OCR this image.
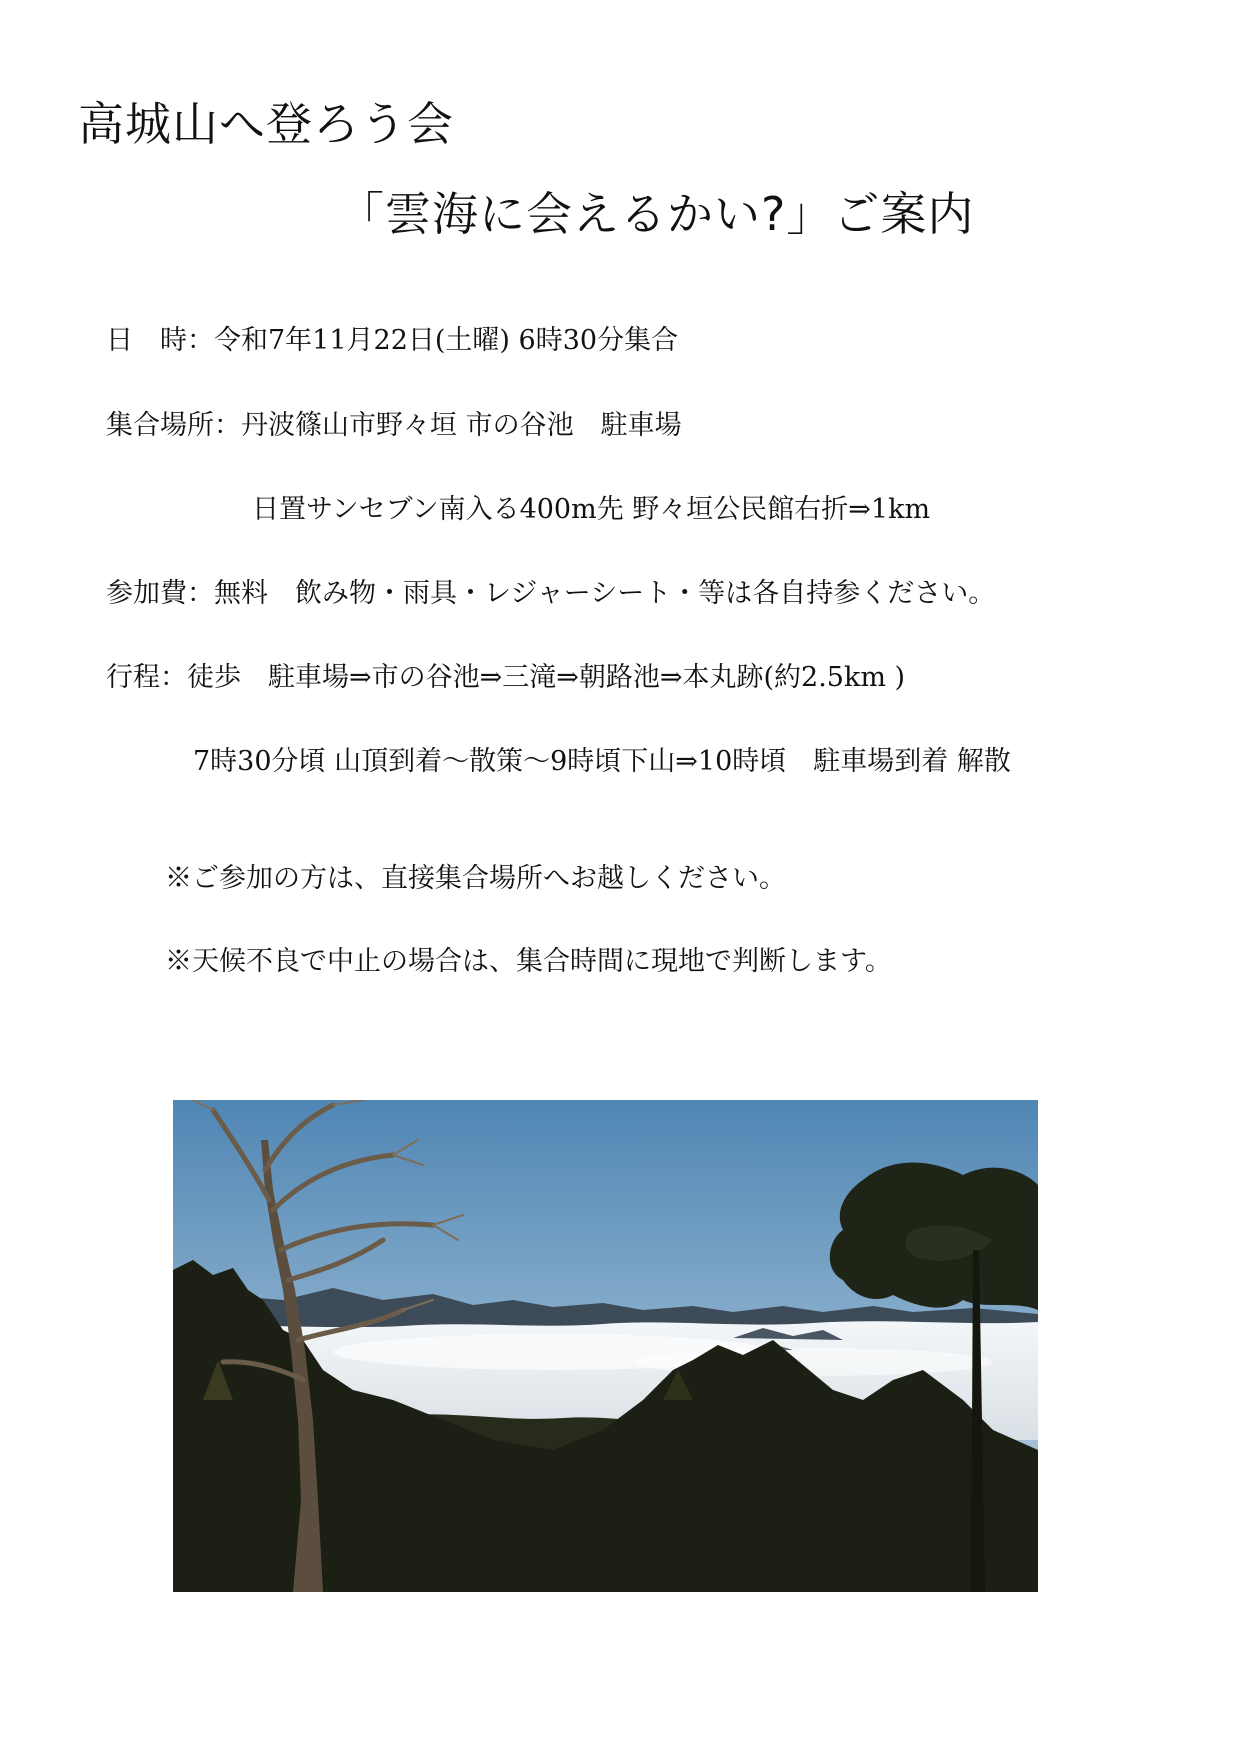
高城山へ登ろう会
「雲海に会えるかい?」ご案内
日　時：令和7年11月22日(土曜) 6時30分集合
集合場所：丹波篠山市野々垣 市の谷池　駐車場
日置サンセブン南入る400m先 野々垣公民館右折⇒1km
参加費：無料　飲み物・雨具・レジャーシート・等は各自持参ください。
行程：徒歩　駐車場⇒市の谷池⇒三滝⇒朝路池⇒本丸跡(約2.5km )
7時30分頃 山頂到着～散策～9時頃下山⇒10時頃　駐車場到着 解散
※ご参加の方は、直接集合場所へお越しください。
※天候不良で中止の場合は、集合時間に現地で判断します。
